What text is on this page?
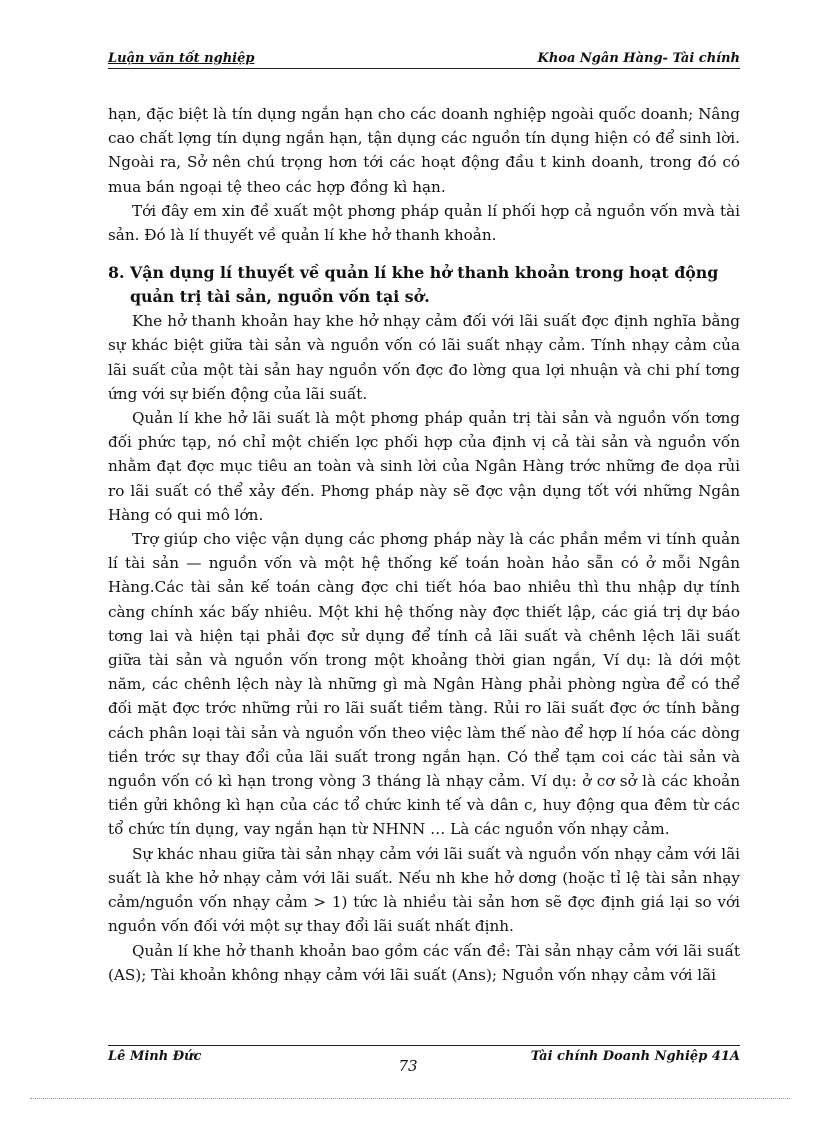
Luận văn tốt nghiệp	Khoa Ngân Hàng- Tài chính

hạn, đặc biệt là tín dụng ngắn hạn cho các doanh nghiệp ngoài quốc doanh; Nâng cao chất lợng tín dụng ngắn hạn, tận dụng các nguồn tín dụng hiện có để sinh lời. Ngoài ra, Sở nên chú trọng hơn tới các hoạt động đầu t kinh doanh, trong đó có mua bán ngoại tệ theo các hợp đồng kì hạn.

Tới đây em xin đề xuất một phơng pháp quản lí phối hợp cả nguồn vốn mvà tài sản. Đó là lí thuyết về quản lí khe hở thanh khoản.

8. Vận dụng lí thuyết về quản lí khe hở thanh khoản trong hoạt động quản trị tài sản, nguồn vốn tại sở.

Khe hở thanh khoản hay khe hở nhạy cảm đối với lãi suất đợc định nghĩa bằng sự khác biệt giữa tài sản và nguồn vốn có lãi suất nhạy cảm. Tính nhạy cảm của lãi suất của một tài sản hay nguồn vốn đợc đo lờng qua lợi nhuận và chi phí tơng ứng với sự biến động của lãi suất.

Quản lí khe hở lãi suất là một phơng pháp quản trị tài sản và nguồn vốn tơng đối phức tạp, nó chỉ một chiến lợc phối hợp của định vị cả tài sản và nguồn vốn nhằm đạt đợc mục tiêu an toàn và sinh lời của Ngân Hàng trớc những đe dọa rủi ro lãi suất có thể xảy đến. Phơng pháp này sẽ đợc vận dụng tốt với những Ngân Hàng có qui mô lớn.

Trợ giúp cho việc vận dụng các phơng pháp này là các phần mềm vi tính quản lí tài sản — nguồn vốn và một hệ thống kế toán hoàn hảo sẵn có ở mỗi Ngân Hàng.Các tài sản kế toán càng đợc chi tiết hóa bao nhiêu thì thu nhập dự tính càng chính xác bấy nhiêu. Một khi hệ thống này đợc thiết lập, các giá trị dự báo tơng lai và hiện tại phải đợc sử dụng để tính cả lãi suất và chênh lệch lãi suất giữa tài sản và nguồn vốn trong một khoảng thời gian ngắn, Ví dụ: là dới một năm, các chênh lệch này là những gì mà Ngân Hàng phải phòng ngừa để có thể đối mặt đợc trớc những rủi ro lãi suất tiềm tàng. Rủi ro lãi suất đợc ớc tính bằng cách phân loại tài sản và nguồn vốn theo việc làm thế nào để hợp lí hóa các dòng tiền trớc sự thay đổi của lãi suất trong ngắn hạn. Có thể tạm coi các tài sản và nguồn vốn có kì hạn trong vòng 3 tháng là nhạy cảm. Ví dụ: ở cơ sở là các khoản tiền gửi không kì hạn của các tổ chức kinh tế và dân c, huy động qua đêm từ các tổ chức tín dụng, vay ngắn hạn từ NHNN … Là các nguồn vốn nhạy cảm.

Sự khác nhau giữa tài sản nhạy cảm với lãi suất và nguồn vốn nhạy cảm với lãi suất là khe hở nhạy cảm với lãi suất. Nếu nh khe hở dơng (hoặc tỉ lệ tài sản nhạy cảm/nguồn vốn nhạy cảm > 1) tức là nhiều tài sản hơn sẽ đợc định giá lại so với nguồn vốn đối với một sự thay đổi lãi suất nhất định.

Quản lí khe hở thanh khoản bao gồm các vấn đề: Tài sản nhạy cảm với lãi suất (AS); Tài khoản không nhạy cảm với lãi suất (Ans); Nguồn vốn nhạy cảm với lãi

Lê Minh Đức	Tài chính Doanh Nghiệp 41A
73
